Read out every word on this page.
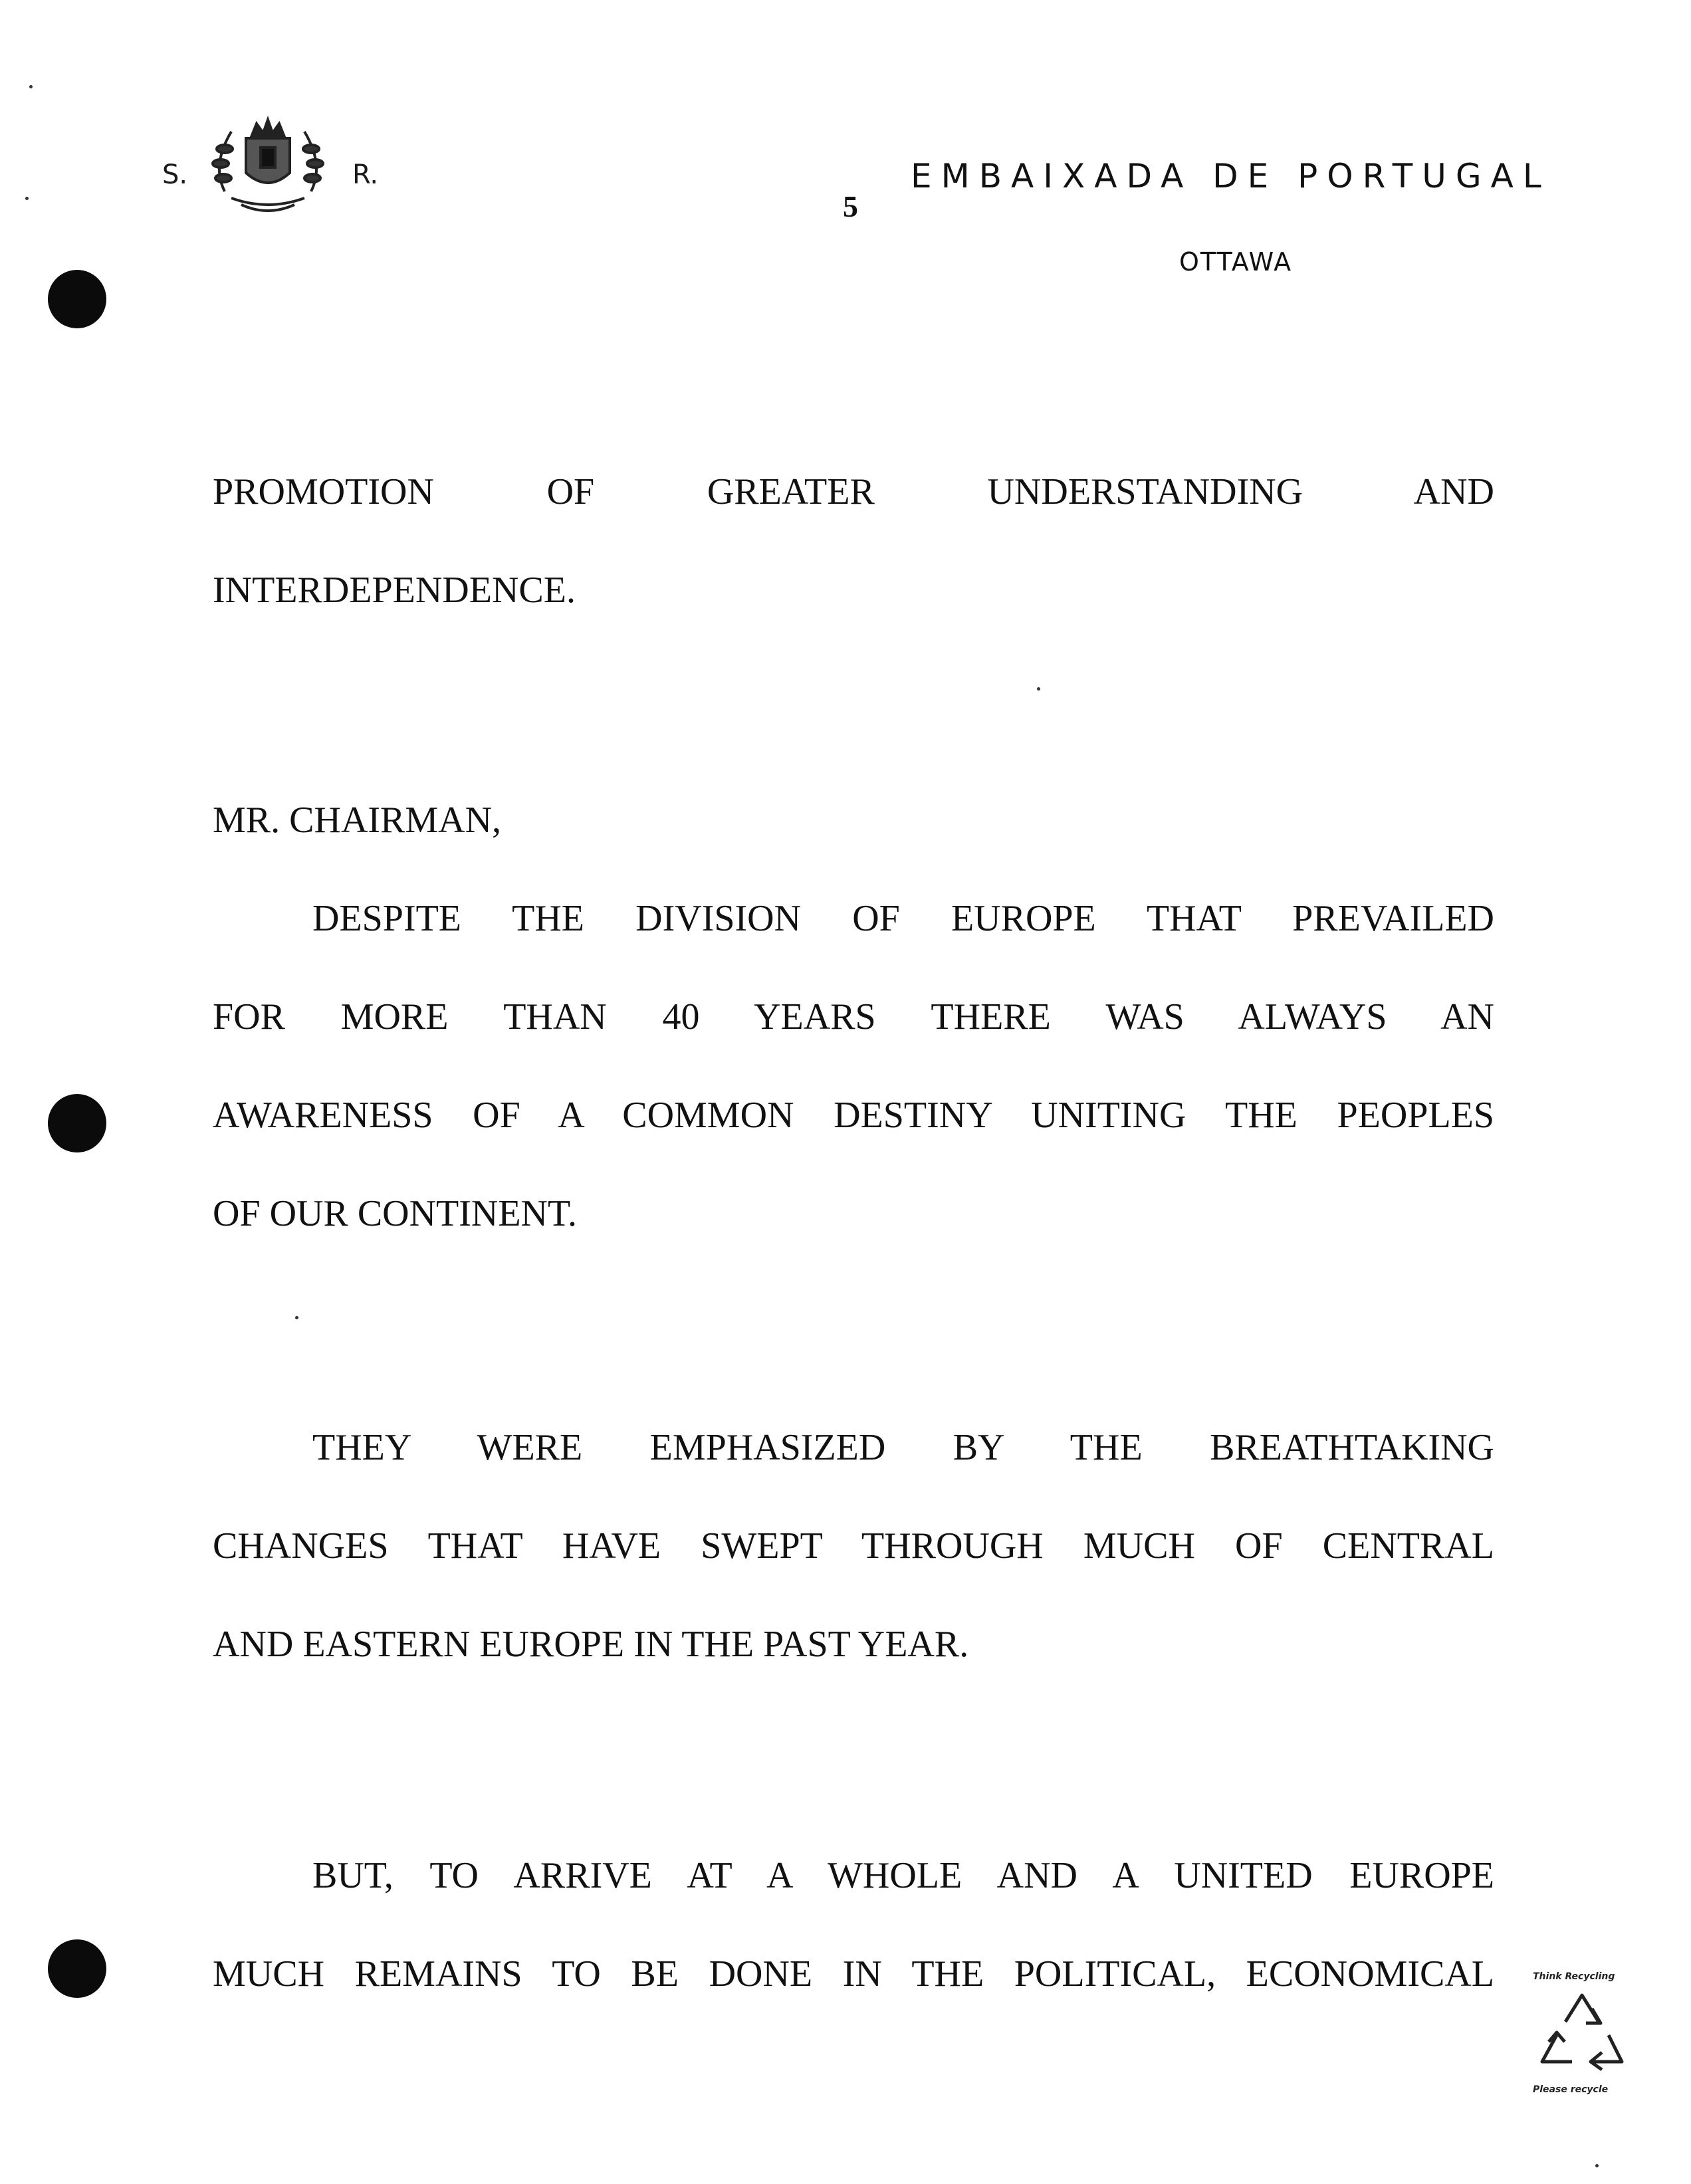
S.	R.
5
EMBAIXADA DE PORTUGAL
OTTAWA
PROMOTION OF GREATER UNDERSTANDING AND
INTERDEPENDENCE.
MR. CHAIRMAN,
DESPITE THE DIVISION OF EUROPE THAT PREVAILED
FOR MORE THAN 40 YEARS THERE WAS ALWAYS AN
AWARENESS OF A COMMON DESTINY UNITING THE PEOPLES
OF OUR CONTINENT.
THEY WERE EMPHASIZED BY THE BREATHTAKING
CHANGES THAT HAVE SWEPT THROUGH MUCH OF CENTRAL
AND EASTERN EUROPE IN THE PAST YEAR.
BUT, TO ARRIVE AT A WHOLE AND A UNITED EUROPE
MUCH REMAINS TO BE DONE IN THE POLITICAL, ECONOMICAL	Think Recycling
Please recycle
